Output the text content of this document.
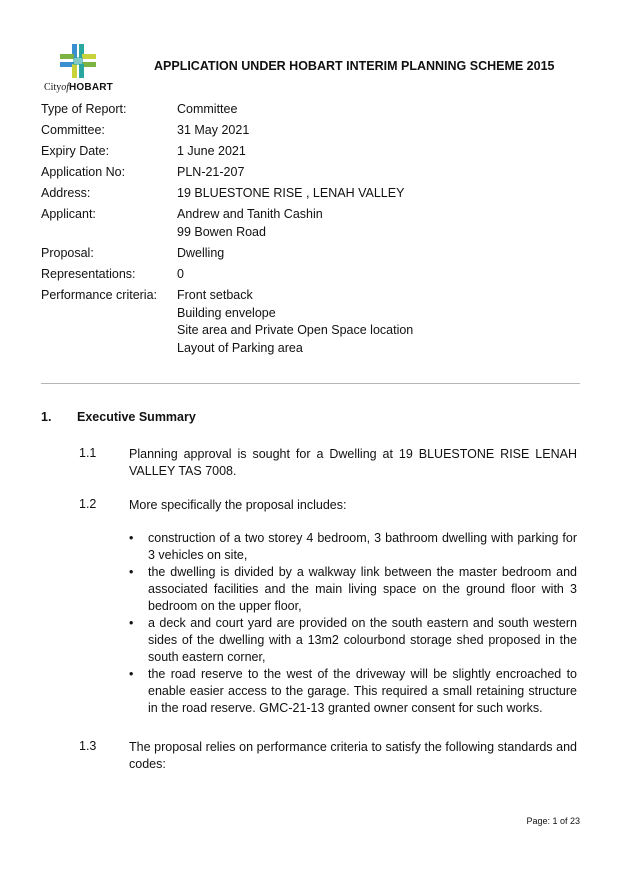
CityofHOBART
APPLICATION UNDER HOBART INTERIM PLANNING SCHEME 2015
Type of Report:	Committee
Committee:	31 May 2021
Expiry Date:	1 June 2021
Application No:	PLN-21-207
Address:	19 BLUESTONE RISE , LENAH VALLEY
Applicant:	Andrew and Tanith Cashin
99 Bowen Road
Proposal:	Dwelling
Representations:	0
Performance criteria:	Front setback
Building envelope
Site area and Private Open Space location
Layout of Parking area
1. Executive Summary
1.1	Planning approval is sought for a Dwelling at 19 BLUESTONE RISE LENAH VALLEY TAS 7008.
1.2	More specifically the proposal includes:
• construction of a two storey 4 bedroom, 3 bathroom dwelling with parking for 3 vehicles on site,
• the dwelling is divided by a walkway link between the master bedroom and associated facilities and the main living space on the ground floor with 3 bedroom on the upper floor,
• a deck and court yard are provided on the south eastern and south western sides of the dwelling with a 13m2 colourbond storage shed proposed in the south eastern corner,
• the road reserve to the west of the driveway will be slightly encroached to enable easier access to the garage. This required a small retaining structure in the road reserve. GMC-21-13 granted owner consent for such works.
1.3	The proposal relies on performance criteria to satisfy the following standards and codes:
Page: 1 of 23
